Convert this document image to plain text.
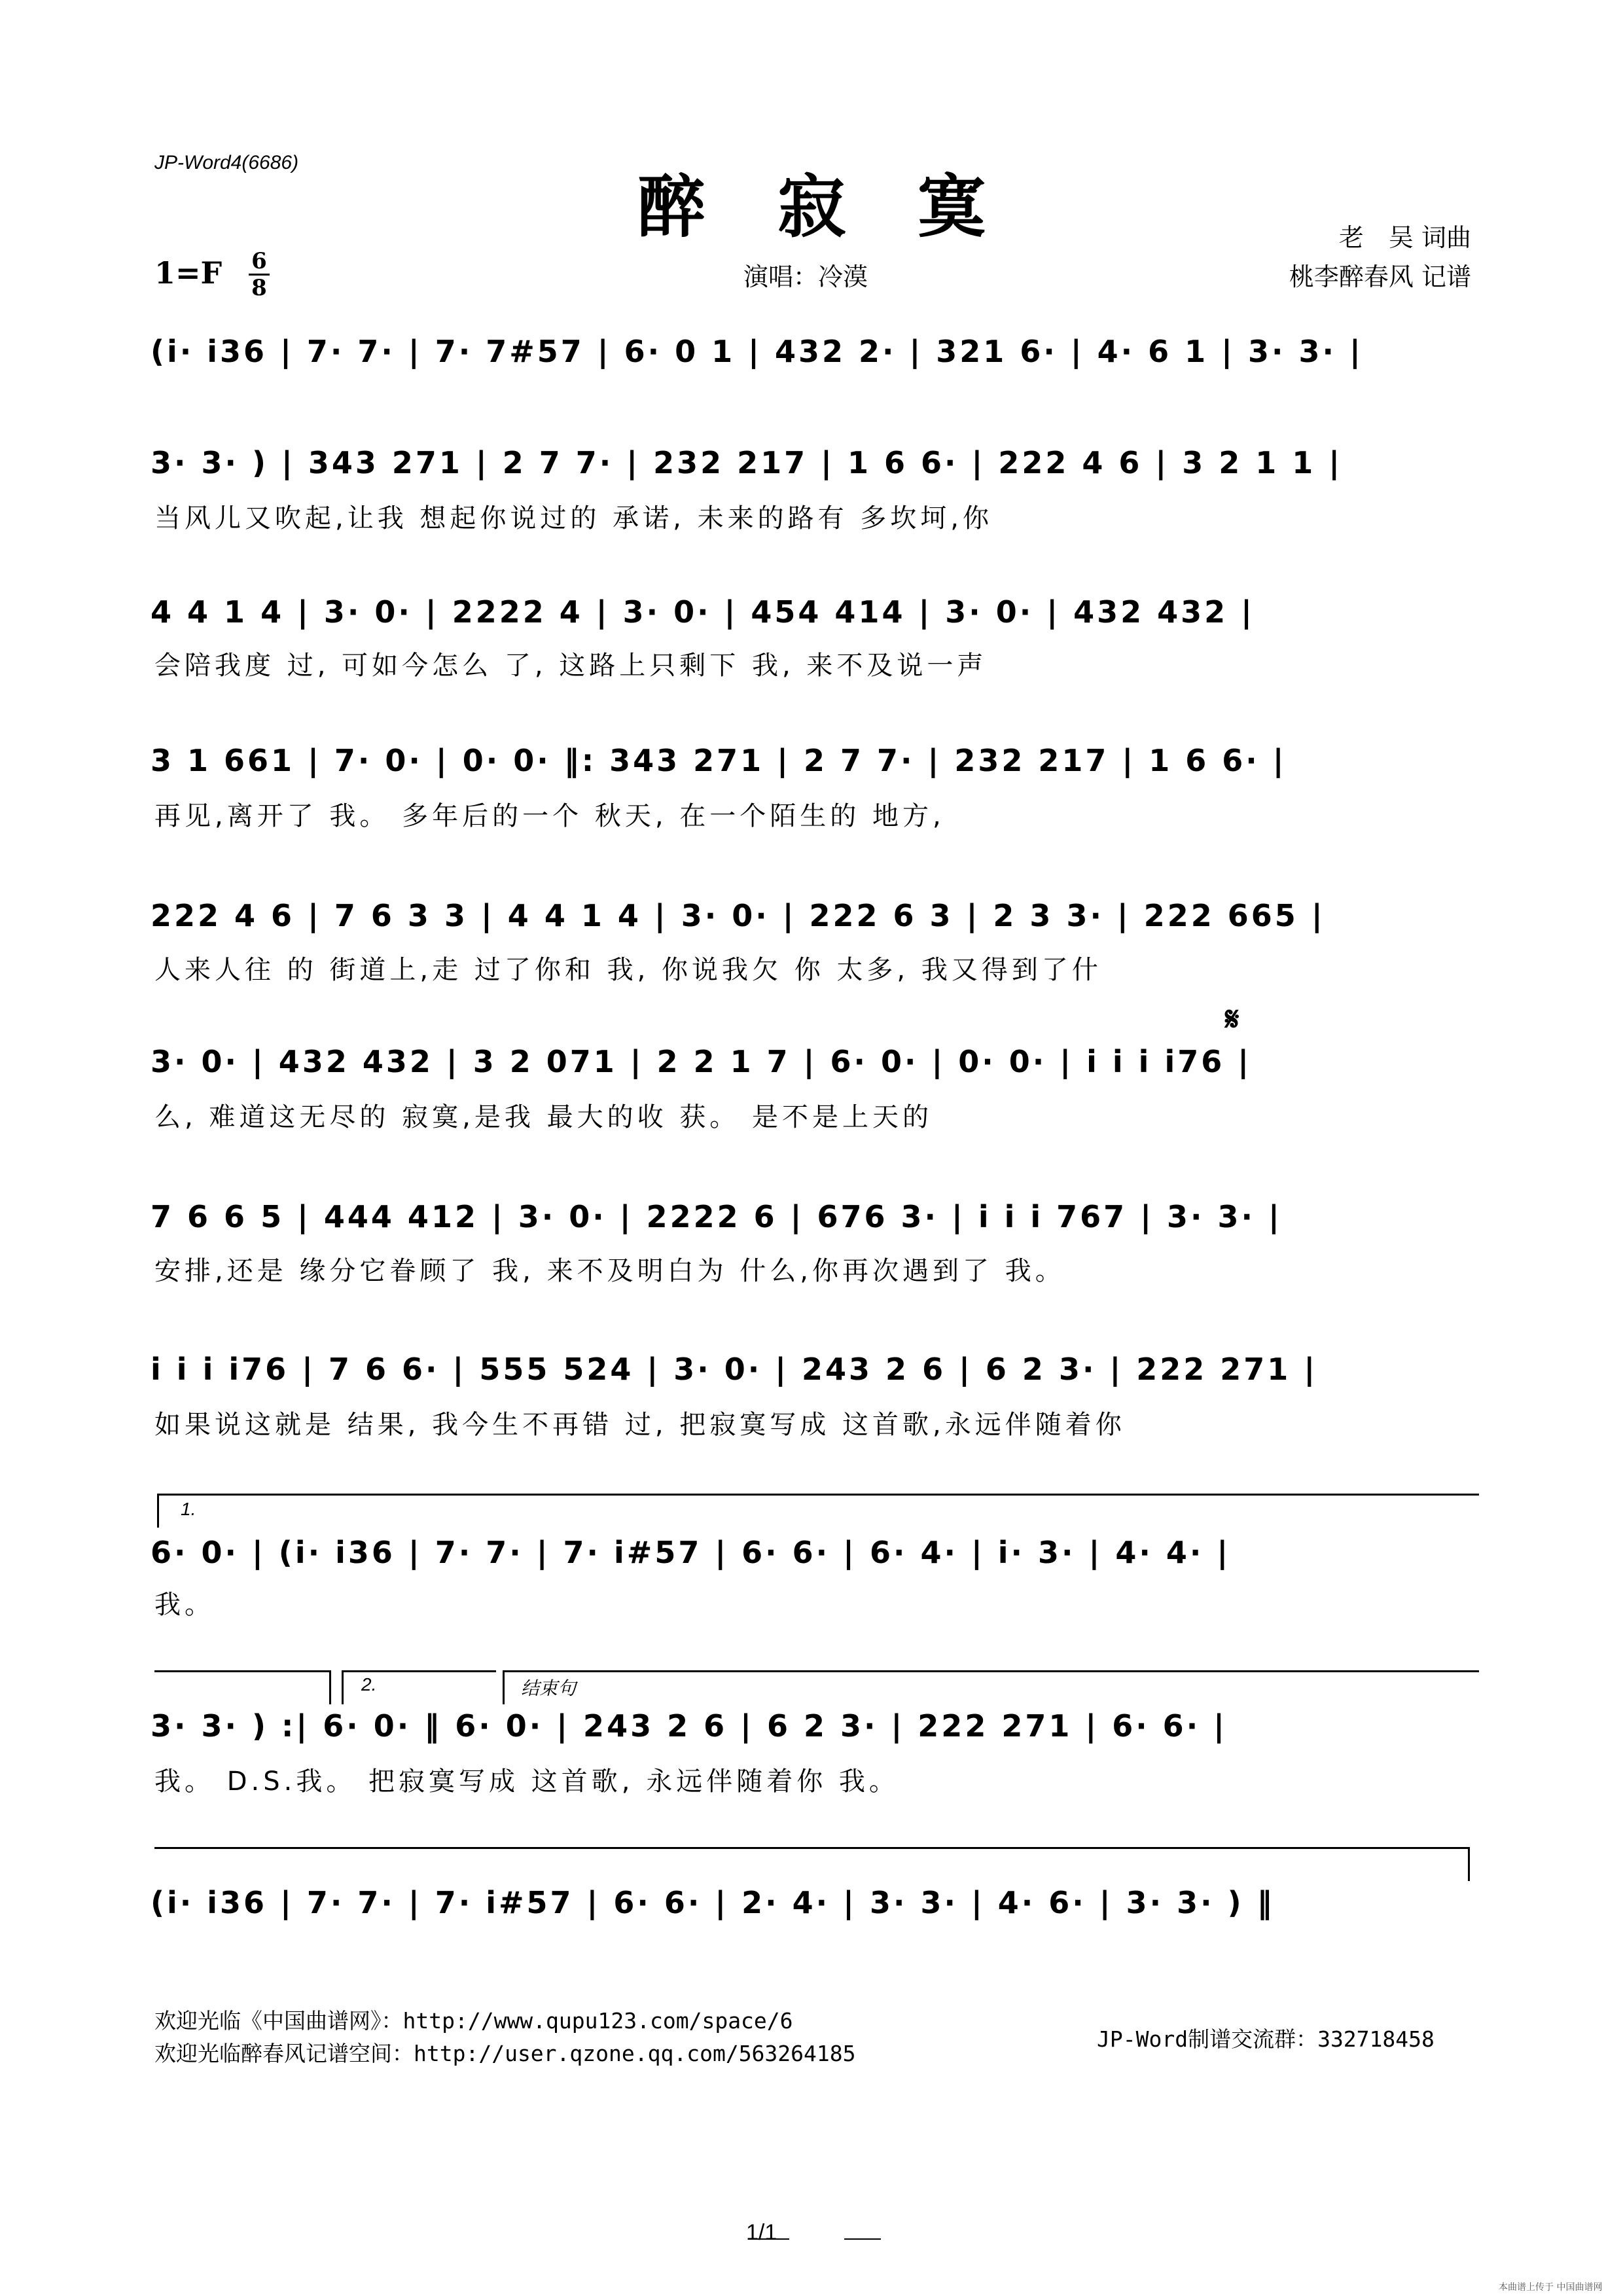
JP-Word4(6686)
醉寂寞
1=F 6
8	演唱：冷漠
老　吴 词曲
桃李醉春风 记谱
(i· i36 | 7· 7· | 7· 7#57 | 6· 0 1 | 432 2· | 321 6· | 4· 6 1 | 3· 3· |
3· 3· ) | 343 271 | 2 7 7· | 232 217 | 1 6 6· | 222 4 6 | 3 2 1 1 |
当风儿又吹起,让我 想起你说过的 承诺, 未来的路有 多坎坷,你
4 4 1 4 | 3· 0· | 2222 4 | 3· 0· | 454 414 | 3· 0· | 432 432 |
会陪我度 过, 可如今怎么 了, 这路上只剩下 我, 来不及说一声
3 1 661 | 7· 0· | 0· 0· ‖: 343 271 | 2 7 7· | 232 217 | 1 6 6· |
再见,离开了 我。 多年后的一个 秋天, 在一个陌生的 地方,
222 4 6 | 7 6 3 3 | 4 4 1 4 | 3· 0· | 222 6 3 | 2 3 3· | 222 665 |
人来人往 的 街道上,走 过了你和 我, 你说我欠 你 太多, 我又得到了什
𝄋
3· 0· | 432 432 | 3 2 071 | 2 2 1 7 | 6· 0· | 0· 0· | i i i i76 |
么, 难道这无尽的 寂寞,是我 最大的收 获。 是不是上天的
7 6 6 5 | 444 412 | 3· 0· | 2222 6 | 676 3· | i i i 767 | 3· 3· |
安排,还是 缘分它眷顾了 我, 来不及明白为 什么,你再次遇到了 我。
i i i i76 | 7 6 6· | 555 524 | 3· 0· | 243 2 6 | 6 2 3· | 222 271 |
如果说这就是 结果, 我今生不再错 过, 把寂寞写成 这首歌,永远伴随着你
1.
6· 0· | (i· i36 | 7· 7· | 7· i#57 | 6· 6· | 6· 4· | i· 3· | 4· 4· |
我。
2.	结束句
3· 3· ) :| 6· 0· ‖ 6· 0· | 243 2 6 | 6 2 3· | 222 271 | 6· 6· |
我。 D.S.我。 把寂寞写成 这首歌, 永远伴随着你 我。
(i· i36 | 7· 7· | 7· i#57 | 6· 6· | 2· 4· | 3· 3· | 4· 6· | 3· 3· ) ‖
欢迎光临《中国曲谱网》：http://www.qupu123.com/space/6
欢迎光临醉春风记谱空间：http://user.qzone.qq.com/563264185
JP-Word制谱交流群：332718458
1/1
本曲谱上传于 中国曲谱网
